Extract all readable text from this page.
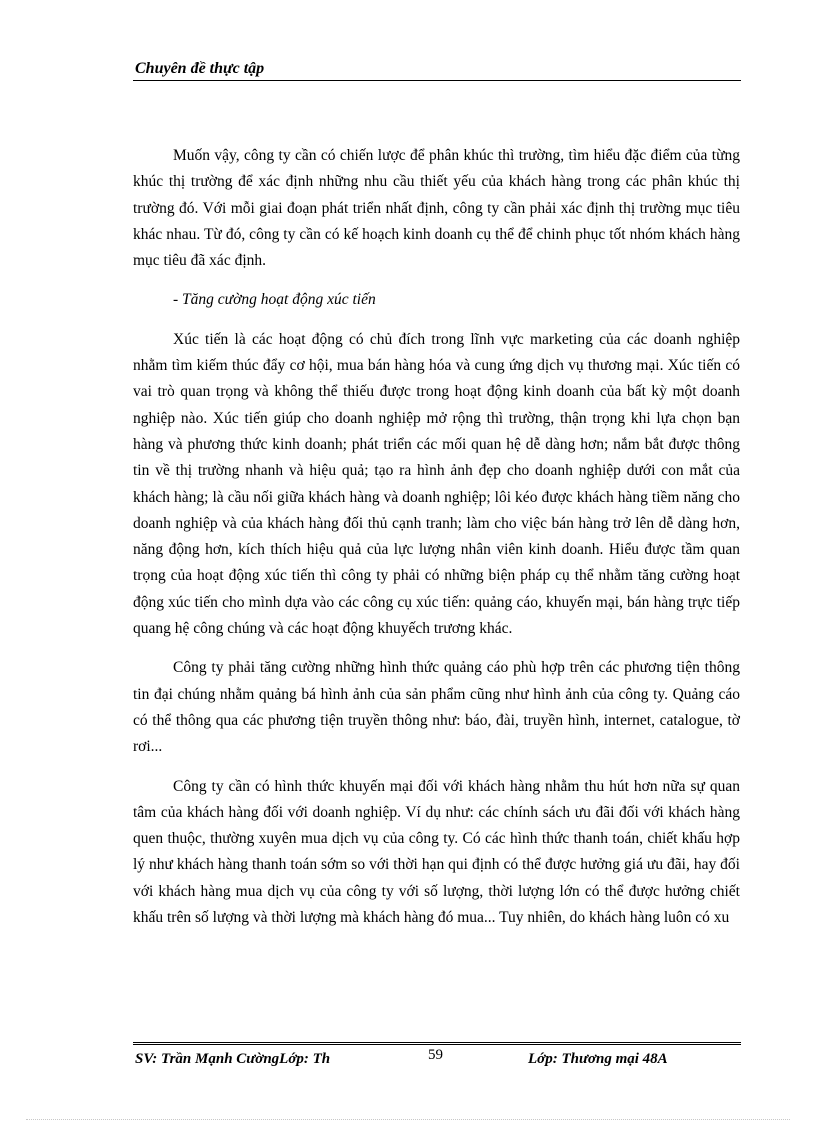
Chuyên đề thực tập

Muốn vậy, công ty cần có chiến lược để phân khúc thì trường, tìm hiểu đặc điểm của từng khúc thị trường để xác định những nhu cầu thiết yếu của khách hàng trong các phân khúc thị trường đó. Với mỗi giai đoạn phát triển nhất định, công ty cần phải xác định thị trường mục tiêu khác nhau. Từ đó, công ty cần có kế hoạch kinh doanh cụ thể để chinh phục tốt nhóm khách hàng mục tiêu đã xác định.

- Tăng cường hoạt động xúc tiến

Xúc tiến là các hoạt động có chủ đích trong lĩnh vực marketing của các doanh nghiệp nhằm tìm kiếm thúc đẩy cơ hội, mua bán hàng hóa và cung ứng dịch vụ thương mại. Xúc tiến có vai trò quan trọng và không thể thiếu được trong hoạt động kinh doanh của bất kỳ một doanh nghiệp nào. Xúc tiến giúp cho doanh nghiệp mở rộng thì trường, thận trọng khi lựa chọn bạn hàng và phương thức kinh doanh; phát triển các mối quan hệ dễ dàng hơn; nắm bắt được thông tin về thị trường nhanh và hiệu quả; tạo ra hình ảnh đẹp cho doanh nghiệp dưới con mắt của khách hàng; là cầu nối giữa khách hàng và doanh nghiệp; lôi kéo được khách hàng tiềm năng cho doanh nghiệp và của khách hàng đối thủ cạnh tranh; làm cho việc bán hàng trở lên dễ dàng hơn, năng động hơn, kích thích hiệu quả của lực lượng nhân viên kinh doanh. Hiểu được tầm quan trọng của hoạt động xúc tiến thì công ty phải có những biện pháp cụ thể nhằm tăng cường hoạt động xúc tiến cho mình dựa vào các công cụ xúc tiến: quảng cáo, khuyến mại, bán hàng trực tiếp quang hệ công chúng và các hoạt động khuyếch trương khác.

Công ty phải tăng cường những hình thức quảng cáo phù hợp trên các phương tiện thông tin đại chúng nhằm quảng bá hình ảnh của sản phẩm cũng như hình ảnh của công ty. Quảng cáo có thể thông qua các phương tiện truyền thông như: báo, đài, truyền hình, internet, catalogue, tờ rơi...

Công ty cần có hình thức khuyến mại đối với khách hàng nhằm thu hút hơn nữa sự quan tâm của khách hàng đối với doanh nghiệp. Ví dụ như: các chính sách ưu đãi đối với khách hàng quen thuộc, thường xuyên mua dịch vụ của công ty. Có các hình thức thanh toán, chiết khấu hợp lý như khách hàng thanh toán sớm so với thời hạn qui định có thể được hưởng giá ưu đãi, hay đối với khách hàng mua dịch vụ của công ty với số lượng, thời lượng lớn có thể được hưởng chiết khấu trên số lượng và thời lượng mà khách hàng đó mua... Tuy nhiên, do khách hàng luôn có xu

SV: Trần Mạnh CườngLớp: Th	59	Lớp: Thương mại 48A
